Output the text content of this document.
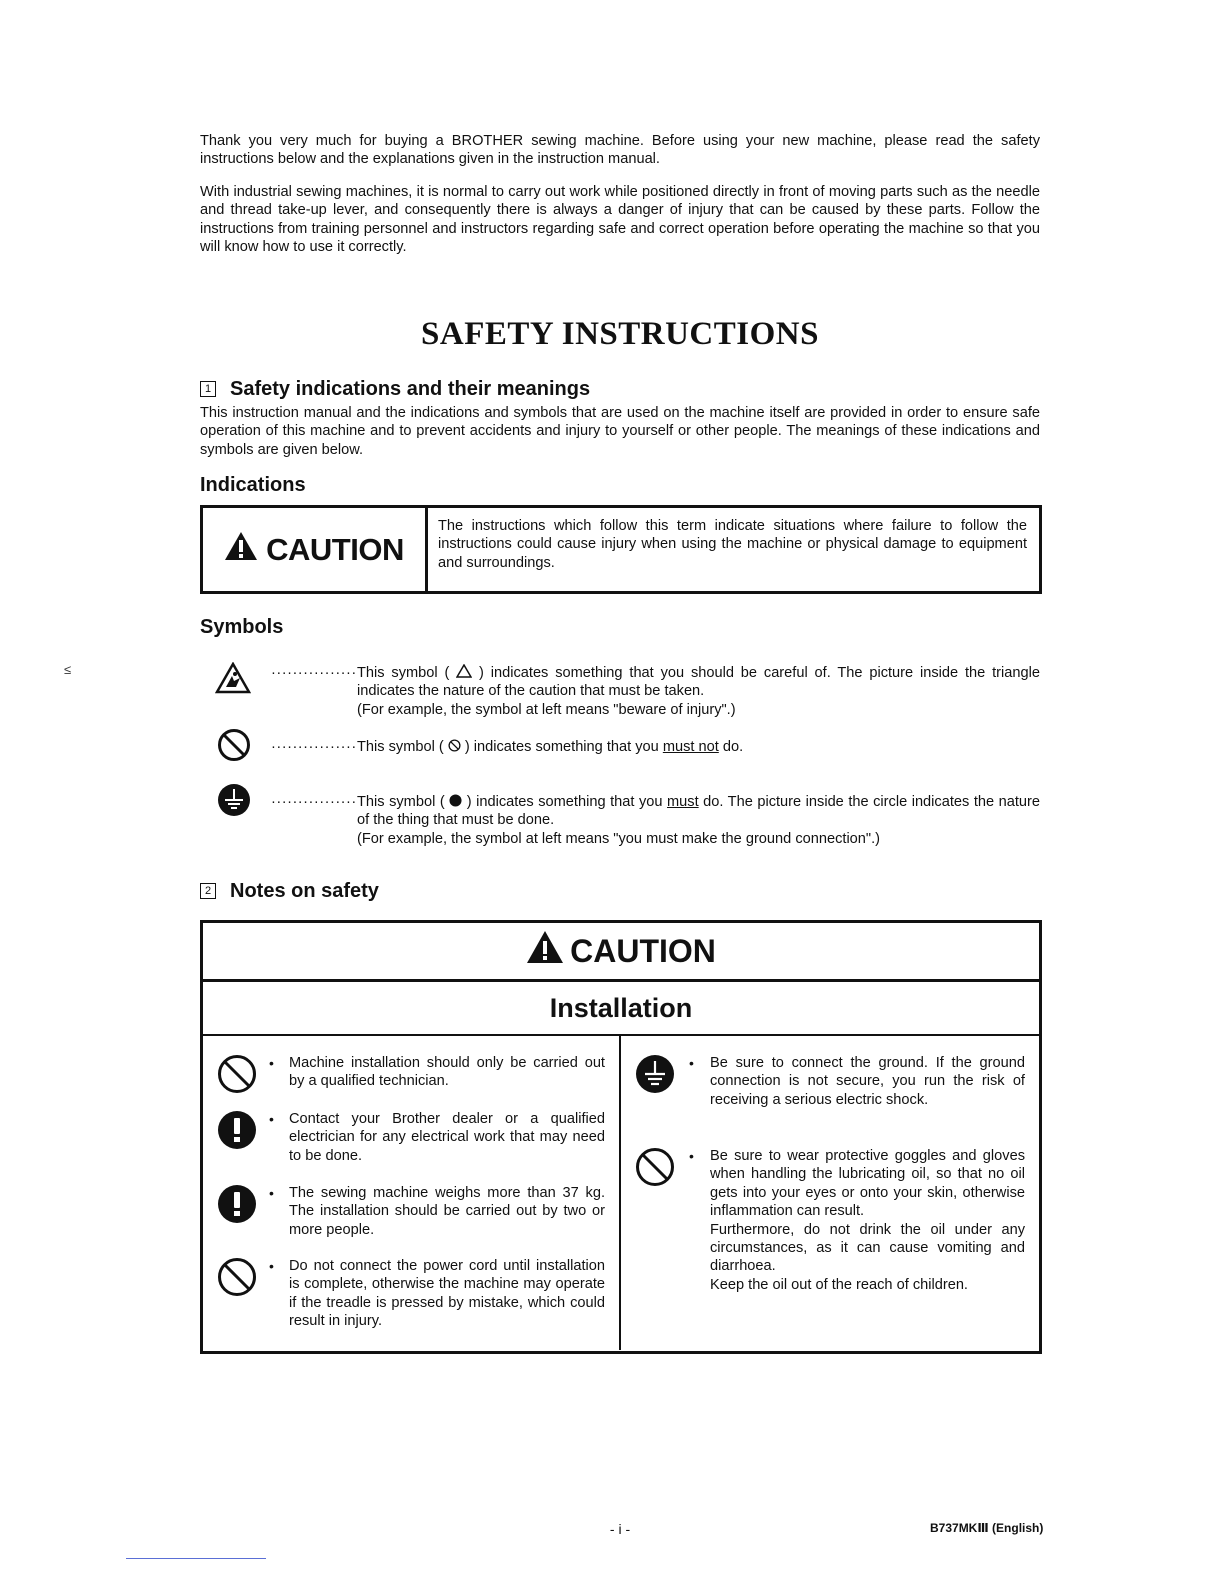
Thank you very much for buying a BROTHER sewing machine. Before using your new machine, please read the safety instructions below and the explanations given in the instruction manual.

With industrial sewing machines, it is normal to carry out work while positioned directly in front of moving parts such as the needle and thread take-up lever, and consequently there is always a danger of injury that can be caused by these parts. Follow the instructions from training personnel and instructors regarding safe and correct operation before operating the machine so that you will know how to use it correctly.

SAFETY INSTRUCTIONS
1 Safety indications and their meanings

This instruction manual and the indications and symbols that are used on the machine itself are provided in order to ensure safe operation of this machine and to prevent accidents and injury to yourself or other people. The meanings of these indications and symbols are given below.

Indications
CAUTION
The instructions which follow this term indicate situations where failure to follow the instructions could cause injury when using the machine or physical damage to equipment and surroundings.
Symbols
················ This symbol (  ) indicates something that you should be careful of. The picture inside the triangle indicates the nature of the caution that must be taken.
(For example, the symbol at left means "beware of injury".)
················ This symbol (  ) indicates something that you must not do.
················ This symbol (  ) indicates something that you must do. The picture inside the circle indicates the nature of the thing that must be done.
(For example, the symbol at left means "you must make the ground connection".)
2 Notes on safety
CAUTION
Installation
• Machine installation should only be carried out by a qualified technician.
• Contact your Brother dealer or a qualified electrician for any electrical work that may need to be done.
• The sewing machine weighs more than 37 kg. The installation should be carried out by two or more people.
• Do not connect the power cord until installation is complete, otherwise the machine may operate if the treadle is pressed by mistake, which could result in injury.
• Be sure to connect the ground. If the ground connection is not secure, you run the risk of receiving a serious electric shock.
• Be sure to wear protective goggles and gloves when handling the lubricating oil, so that no oil gets into your eyes or onto your skin, otherwise inflammation can result.
Furthermore, do not drink the oil under any circumstances, as it can cause vomiting and diarrhoea.
Keep the oil out of the reach of children.
- i -	B737MKⅢ (English)
≤
